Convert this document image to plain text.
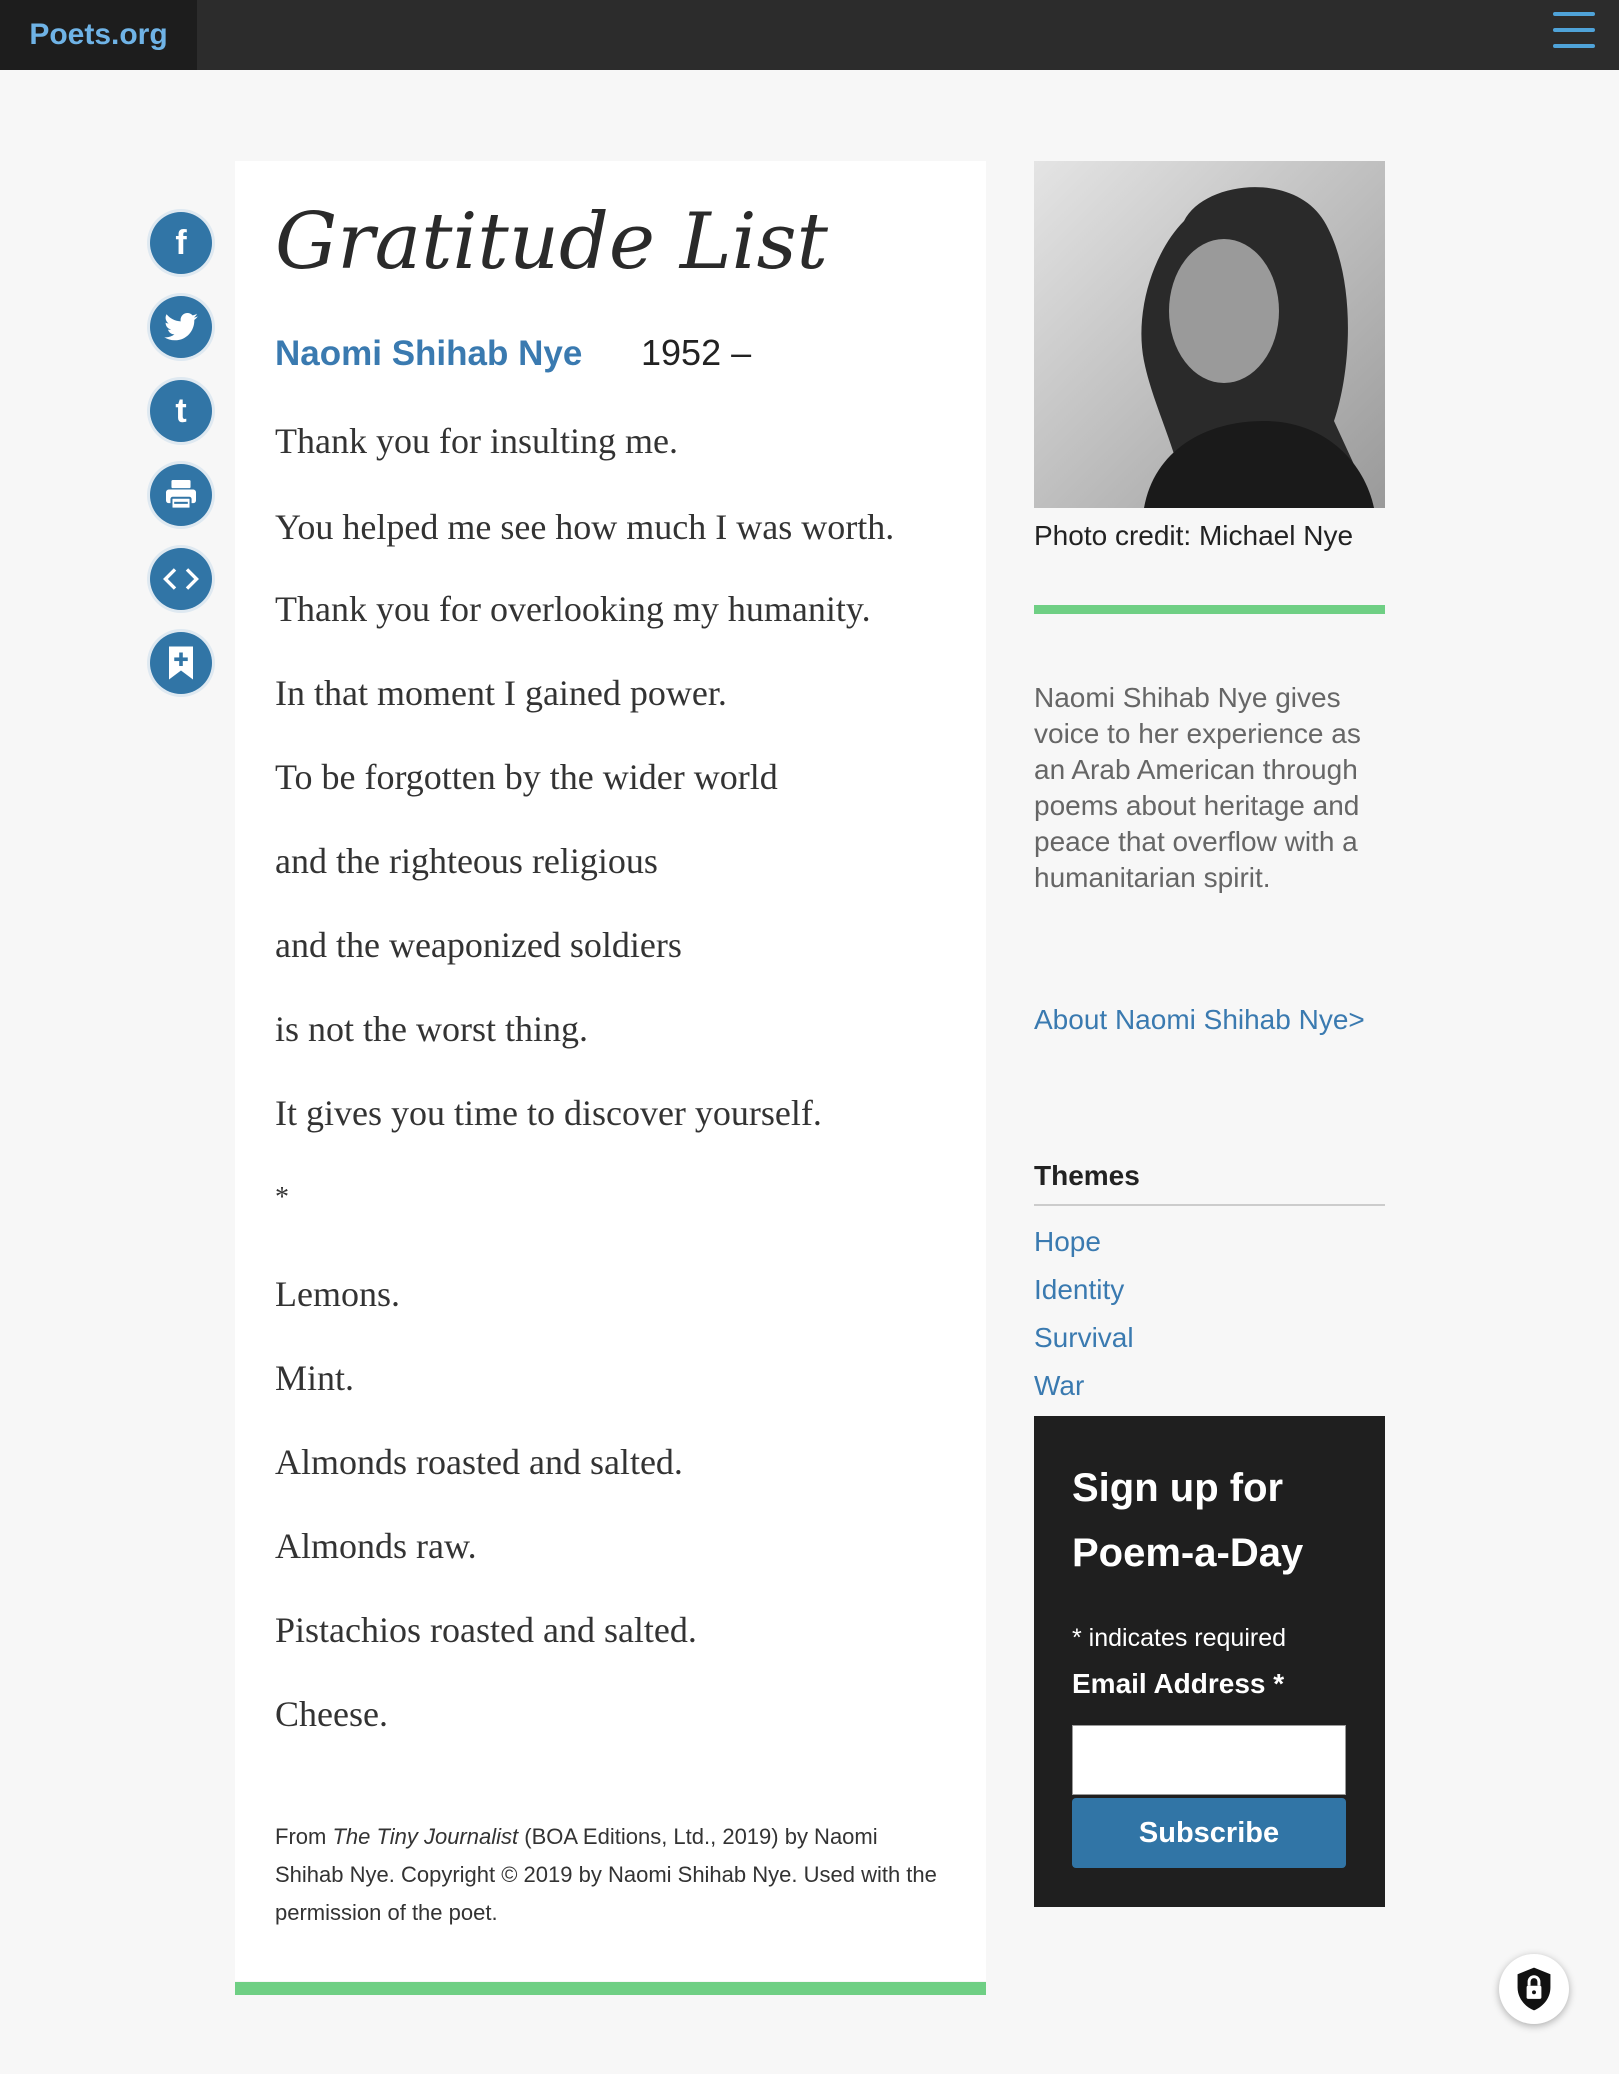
Poets.org
f
t
Gratitude List
Naomi Shihab Nye 1952 –

Thank you for insulting me.

You helped me see how much I was worth.

Thank you for overlooking my humanity.

In that moment I gained power.

To be forgotten by the wider world

and the righteous religious

and the weaponized soldiers

is not the worst thing.

It gives you time to discover yourself.

*

Lemons.

Mint.

Almonds roasted and salted.

Almonds raw.

Pistachios roasted and salted.

Cheese.

From The Tiny Journalist (BOA Editions, Ltd., 2019) by Naomi Shihab Nye. Copyright © 2019 by Naomi Shihab Nye. Used with the permission of the poet.
Photo credit: Michael Nye
Naomi Shihab Nye gives voice to her experience as an Arab American through poems about heritage and peace that overflow with a humanitarian spirit.
About Naomi Shihab Nye>
Themes
Hope
Identity
Survival
War
Sign up for Poem-a-Day
* indicates required
Email Address *
Subscribe
